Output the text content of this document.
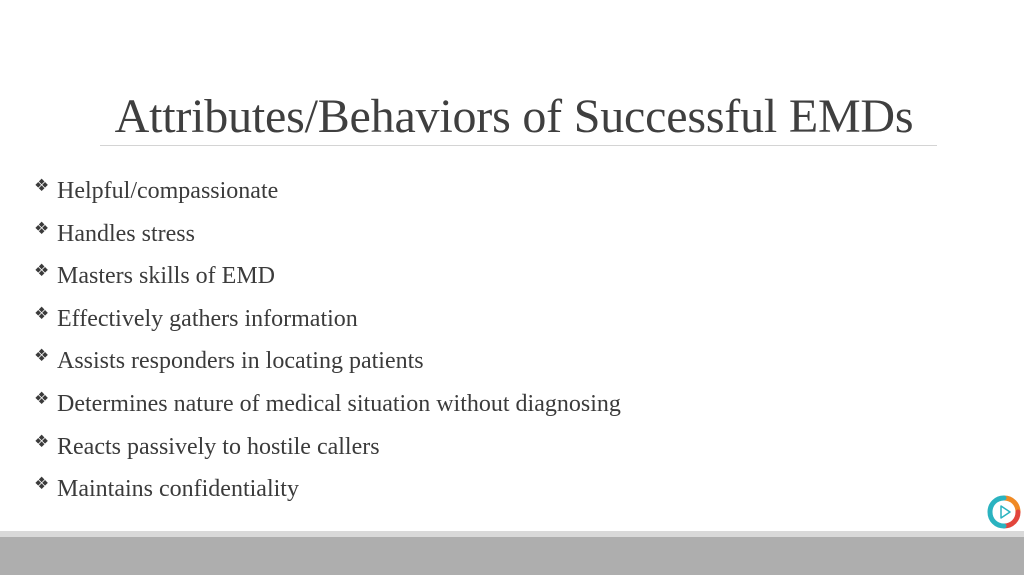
Attributes/Behaviors of Successful EMDs
❖ Helpful/compassionate
❖ Handles stress
❖ Masters skills of EMD
❖ Effectively gathers information
❖ Assists responders in locating patients
❖ Determines nature of medical situation without diagnosing
❖ Reacts passively to hostile callers
❖ Maintains confidentiality
